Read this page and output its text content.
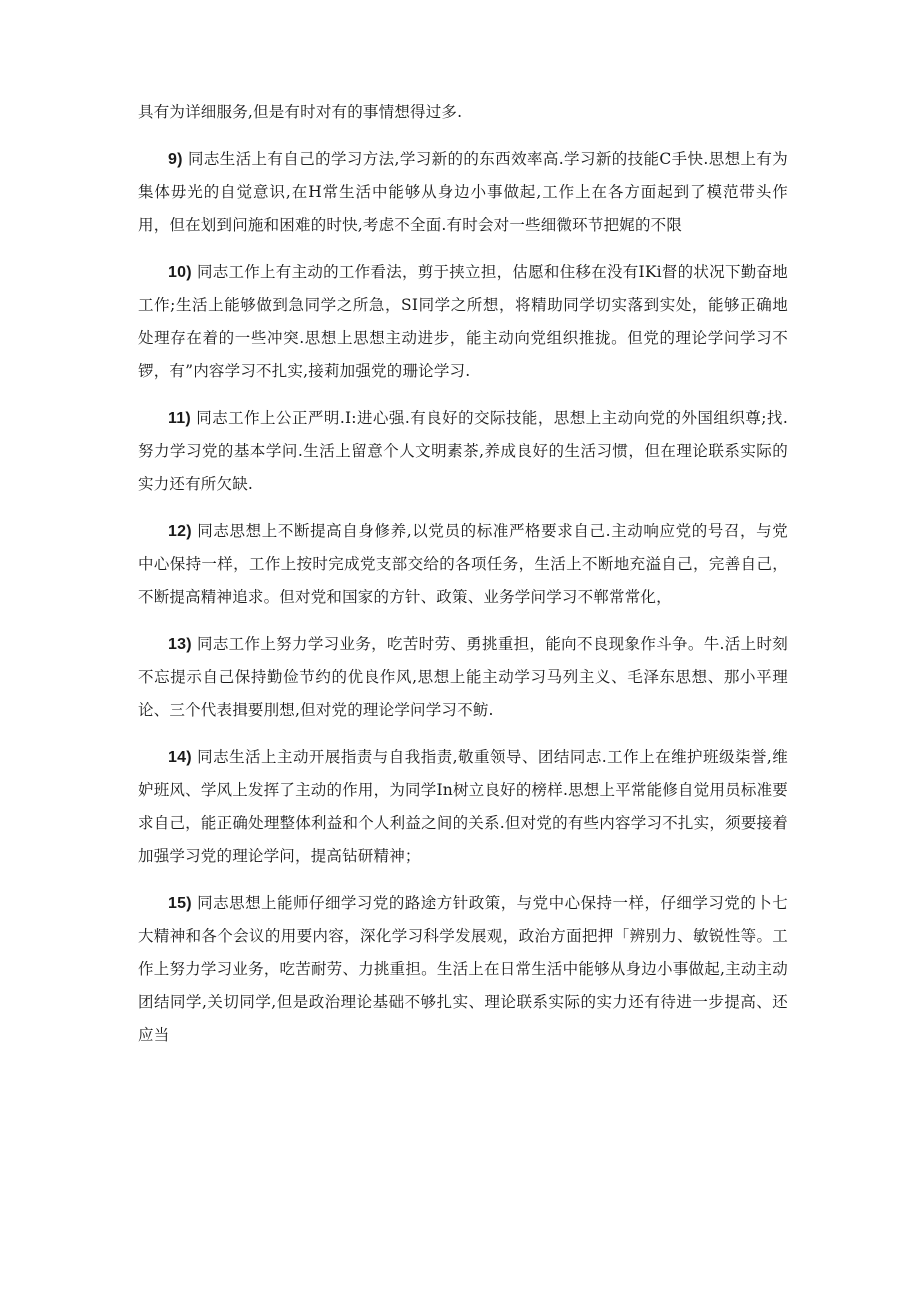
具有为详细服务,但是有时对有的事情想得过多.

9) 同志生活上有自己的学习方法,学习新的的东西效率高.学习新的技能C手快.思想上有为集体毋光的自觉意识,在H常生活中能够从身边小事做起,工作上在各方面起到了模范带头作用，但在划到问施和困难的时快,考虑不全面.有时会对一些细微环节把娓的不限

10) 同志工作上有主动的工作看法，剪于挟立担，估愿和住移在没有IKi督的状况下勤奋地工作;生活上能够做到急同学之所急，SI同学之所想，将精助同学切实落到实处，能够正确地处理存在着的一些冲突.思想上思想主动进步，能主动向党组织推拢。但党的理论学问学习不锣，有”内容学习不扎实,接莉加强党的珊论学习.

11) 同志工作上公正严明.I:进心强.有良好的交际技能，思想上主动向党的外国组织尊;找.努力学习党的基本学问.生活上留意个人文明素茶,养成良好的生活习惯，但在理论联系实际的实力还有所欠缺.

12) 同志思想上不断提高自身修养,以党员的标准严格要求自己.主动响应党的号召，与党中心保持一样，工作上按时完成党支部交给的各项任务，生活上不断地充溢自己，完善自己，不断提高精神追求。但对党和国家的方针、政策、业务学问学习不郸常常化，

13) 同志工作上努力学习业务，吃苦时劳、勇挑重担，能向不良现象作斗争。牛.活上时刻不忘提示自己保持勤俭节约的优良作风,思想上能主动学习马列主义、毛泽东思想、那小平理论、三个代表揖要刖想,但对党的理论学问学习不鲂.

14) 同志生活上主动开展指责与自我指责,敬重领导、团结同志.工作上在维护班级柒誉,维妒班风、学风上发挥了主动的作用，为同学In树立良好的榜样.思想上平常能修自觉用员标准要求自己，能正确处理整体利益和个人利益之间的关系.但对党的有些内容学习不扎实，须要接着加强学习党的理论学问，提高钻研精神；

15) 同志思想上能师仔细学习党的路途方针政策，与党中心保持一样，仔细学习党的卜七大精神和各个会议的用要内容，深化学习科学发展观，政治方面把押「辨别力、敏锐性等。工作上努力学习业务，吃苦耐劳、力挑重担。生活上在日常生活中能够从身边小事做起,主动主动团结同学,关切同学,但是政治理论基础不够扎实、理论联系实际的实力还有待进一步提高、还应当
